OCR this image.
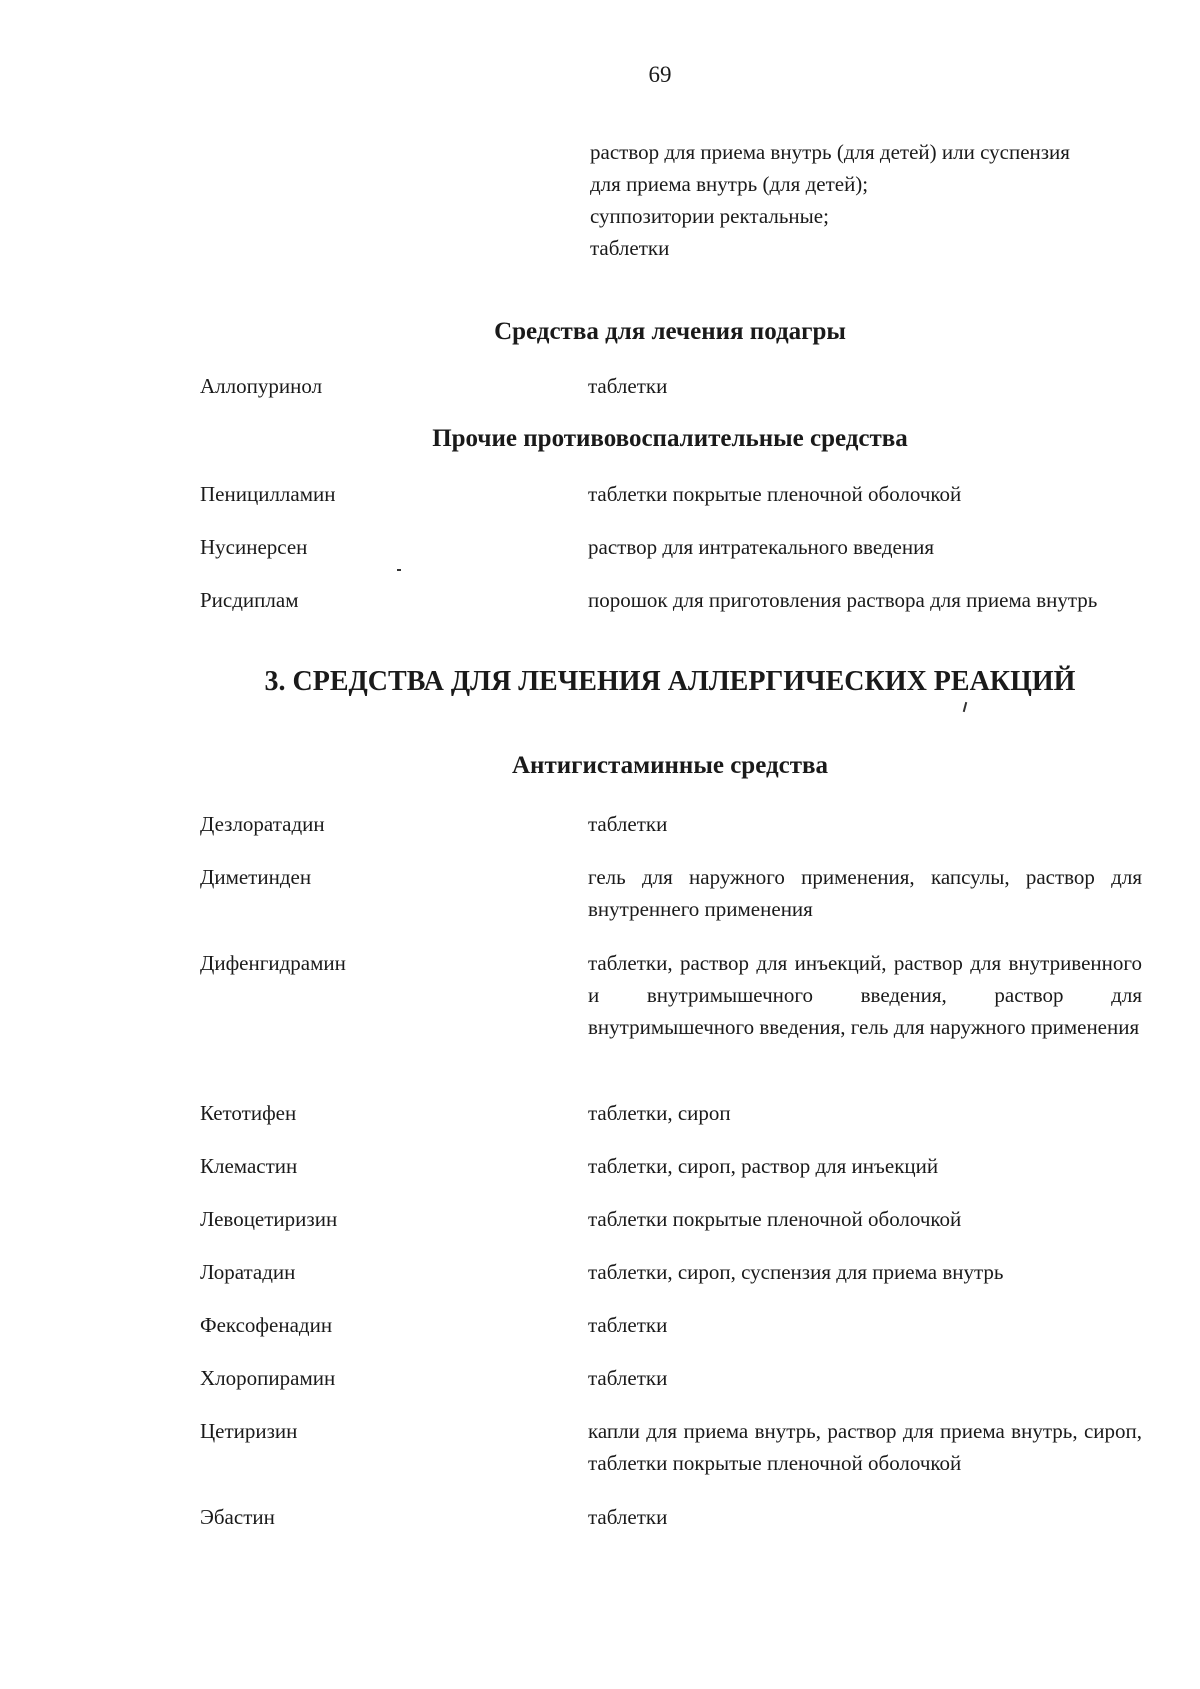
69
раствор для приема внутрь (для детей) или суспензия
для приема внутрь (для детей);
суппозитории ректальные;
таблетки
Средства для лечения подагры
Аллопуринол	таблетки
Прочие противовоспалительные средства
Пеницилламин	таблетки покрытые пленочной оболочкой
Нусинерсен	раствор для интратекального введения
Рисдиплам	порошок для приготовления раствора для приема внутрь
3. СРЕДСТВА ДЛЯ ЛЕЧЕНИЯ АЛЛЕРГИЧЕСКИХ РЕАКЦИЙ
Антигистаминные средства
Дезлоратадин	таблетки
Диметинден	гель для наружного применения, капсулы, раствор для внутреннего применения
Дифенгидрамин	таблетки, раствор для инъекций, раствор для внутривенного и внутримышечного введения, раствор для внутримышечного введения, гель для наружного применения
Кетотифен	таблетки, сироп
Клемастин	таблетки, сироп, раствор для инъекций
Левоцетиризин	таблетки покрытые пленочной оболочкой
Лоратадин	таблетки, сироп, суспензия для приема внутрь
Фексофенадин	таблетки
Хлоропирамин	таблетки
Цетиризин	капли для приема внутрь, раствор для приема внутрь, сироп, таблетки покрытые пленочной оболочкой
Эбастин	таблетки
